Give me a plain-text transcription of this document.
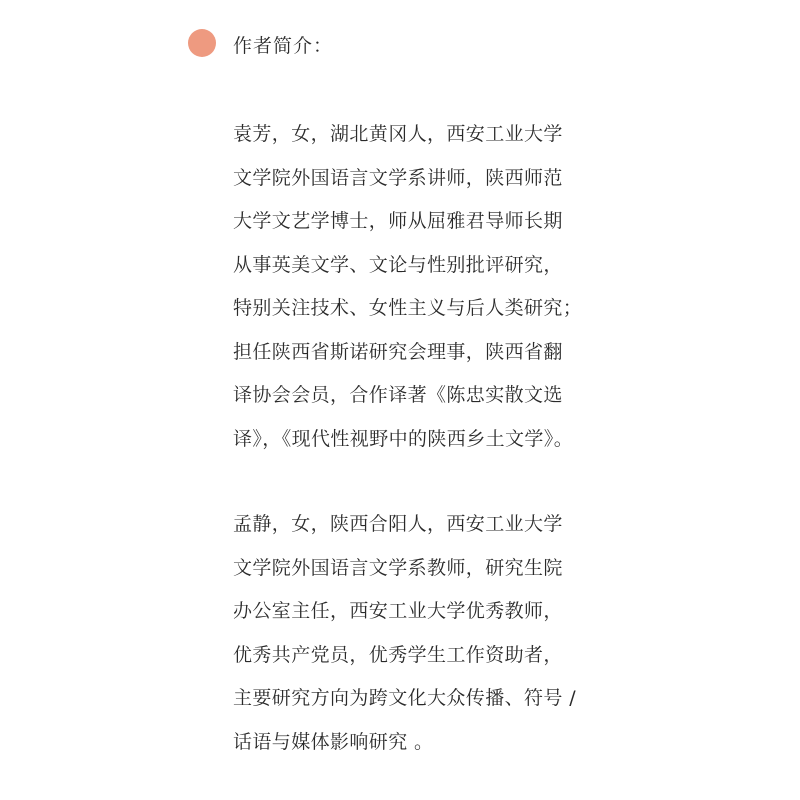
作者简介：
袁芳，女，湖北黄冈人，西安工业大学
文学院外国语言文学系讲师，陕西师范
大学文艺学博士，师从屈雅君导师长期
从事英美文学、文论与性别批评研究，
特别关注技术、女性主义与后人类研究；
担任陕西省斯诺研究会理事，陕西省翻
译协会会员，合作译著《陈忠实散文选
译》，《现代性视野中的陕西乡土文学》。
孟静，女，陕西合阳人，西安工业大学
文学院外国语言文学系教师，研究生院
办公室主任，西安工业大学优秀教师，
优秀共产党员，优秀学生工作资助者，
主要研究方向为跨文化大众传播、符号 /
话语与媒体影响研究 。
